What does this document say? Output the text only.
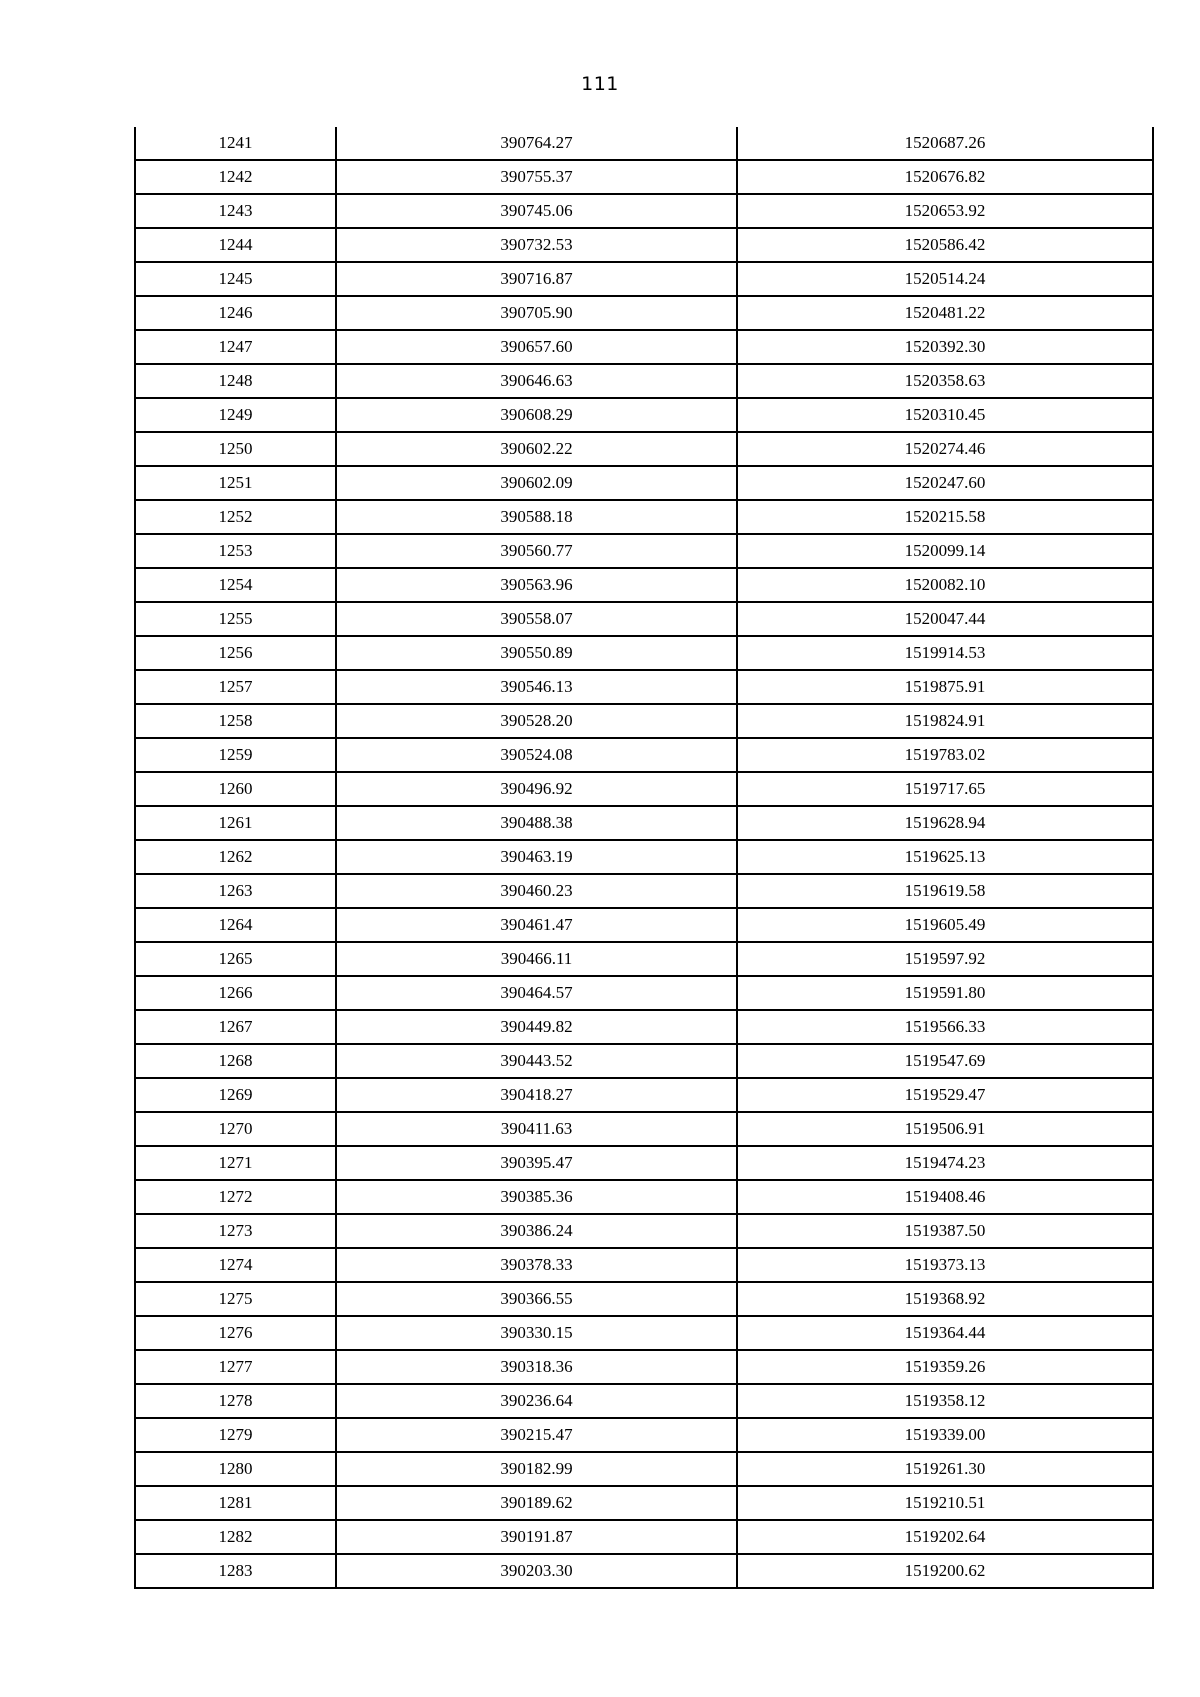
111
1241	390764.27	1520687.26
1242	390755.37	1520676.82
1243	390745.06	1520653.92
1244	390732.53	1520586.42
1245	390716.87	1520514.24
1246	390705.90	1520481.22
1247	390657.60	1520392.30
1248	390646.63	1520358.63
1249	390608.29	1520310.45
1250	390602.22	1520274.46
1251	390602.09	1520247.60
1252	390588.18	1520215.58
1253	390560.77	1520099.14
1254	390563.96	1520082.10
1255	390558.07	1520047.44
1256	390550.89	1519914.53
1257	390546.13	1519875.91
1258	390528.20	1519824.91
1259	390524.08	1519783.02
1260	390496.92	1519717.65
1261	390488.38	1519628.94
1262	390463.19	1519625.13
1263	390460.23	1519619.58
1264	390461.47	1519605.49
1265	390466.11	1519597.92
1266	390464.57	1519591.80
1267	390449.82	1519566.33
1268	390443.52	1519547.69
1269	390418.27	1519529.47
1270	390411.63	1519506.91
1271	390395.47	1519474.23
1272	390385.36	1519408.46
1273	390386.24	1519387.50
1274	390378.33	1519373.13
1275	390366.55	1519368.92
1276	390330.15	1519364.44
1277	390318.36	1519359.26
1278	390236.64	1519358.12
1279	390215.47	1519339.00
1280	390182.99	1519261.30
1281	390189.62	1519210.51
1282	390191.87	1519202.64
1283	390203.30	1519200.62
